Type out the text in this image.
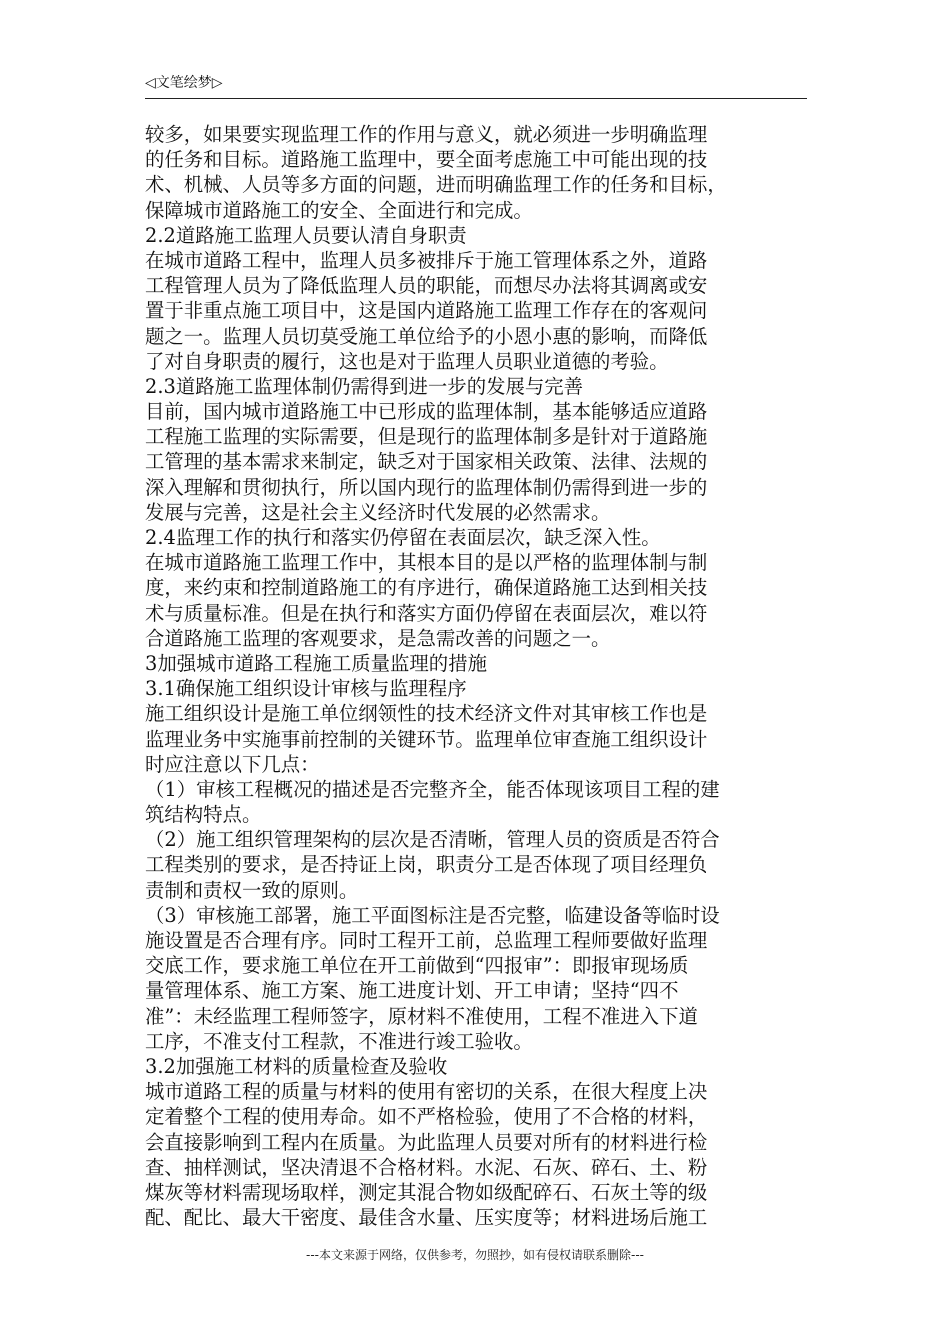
◁文笔绘梦▷
较多，如果要实现监理工作的作用与意义，就必须进一步明确监理
的任务和目标。道路施工监理中，要全面考虑施工中可能出现的技
术、机械、人员等多方面的问题，进而明确监理工作的任务和目标，
保障城市道路施工的安全、全面进行和完成。
2.2道路施工监理人员要认清自身职责
在城市道路工程中，监理人员多被排斥于施工管理体系之外，道路
工程管理人员为了降低监理人员的职能，而想尽办法将其调离或安
置于非重点施工项目中，这是国内道路施工监理工作存在的客观问
题之一。监理人员切莫受施工单位给予的小恩小惠的影响，而降低
了对自身职责的履行，这也是对于监理人员职业道德的考验。
2.3道路施工监理体制仍需得到进一步的发展与完善
目前，国内城市道路施工中已形成的监理体制，基本能够适应道路
工程施工监理的实际需要，但是现行的监理体制多是针对于道路施
工管理的基本需求来制定，缺乏对于国家相关政策、法律、法规的
深入理解和贯彻执行，所以国内现行的监理体制仍需得到进一步的
发展与完善，这是社会主义经济时代发展的必然需求。
2.4监理工作的执行和落实仍停留在表面层次，缺乏深入性。
在城市道路施工监理工作中，其根本目的是以严格的监理体制与制
度，来约束和控制道路施工的有序进行，确保道路施工达到相关技
术与质量标准。但是在执行和落实方面仍停留在表面层次，难以符
合道路施工监理的客观要求，是急需改善的问题之一。
3加强城市道路工程施工质量监理的措施
3.1确保施工组织设计审核与监理程序
施工组织设计是施工单位纲领性的技术经济文件对其审核工作也是
监理业务中实施事前控制的关键环节。监理单位审查施工组织设计
时应注意以下几点：
（1）审核工程概况的描述是否完整齐全，能否体现该项目工程的建
筑结构特点。
（2）施工组织管理架构的层次是否清晰，管理人员的资质是否符合
工程类别的要求，是否持证上岗，职责分工是否体现了项目经理负
责制和责权一致的原则。
（3）审核施工部署，施工平面图标注是否完整，临建设备等临时设
施设置是否合理有序。同时工程开工前，总监理工程师要做好监理
交底工作，要求施工单位在开工前做到“四报审”：即报审现场质
量管理体系、施工方案、施工进度计划、开工申请；坚持“四不
准”：未经监理工程师签字，原材料不准使用，工程不准进入下道
工序，不准支付工程款，不准进行竣工验收。
3.2加强施工材料的质量检查及验收
城市道路工程的质量与材料的使用有密切的关系，在很大程度上决
定着整个工程的使用寿命。如不严格检验，使用了不合格的材料，
会直接影响到工程内在质量。为此监理人员要对所有的材料进行检
查、抽样测试，坚决清退不合格材料。水泥、石灰、碎石、土、粉
煤灰等材料需现场取样，测定其混合物如级配碎石、石灰土等的级
配、配比、最大干密度、最佳含水量、压实度等；材料进场后施工
---本文来源于网络，仅供参考，勿照抄，如有侵权请联系删除---
